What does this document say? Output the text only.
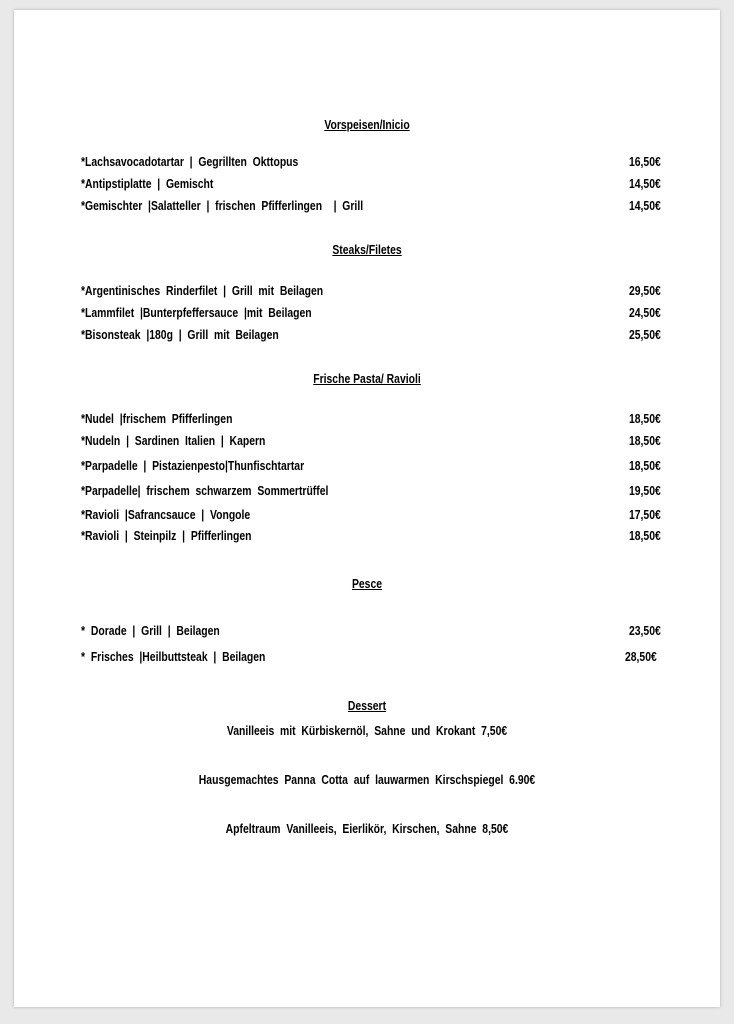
Vorspeisen/Inicio
*Lachsavocadotartar  |  Gegrillten  Okttopus	16,50€
*Antipstiplatte  |  Gemischt	14,50€
*Gemischter  |Salatteller  |  frischen  Pfifferlingen    |  Grill	14,50€
Steaks/Filetes
*Argentinisches  Rinderfilet  |  Grill  mit  Beilagen	29,50€
*Lammfilet  |Bunterpfeffersauce  |mit  Beilagen	24,50€
*Bisonsteak  |180g  |  Grill  mit  Beilagen	25,50€
Frische Pasta/ Ravioli
*Nudel  |frischem  Pfifferlingen	18,50€
*Nudeln  |  Sardinen  Italien  |  Kapern	18,50€
*Parpadelle  |  Pistazienpesto|Thunfischtartar	18,50€
*Parpadelle|  frischem  schwarzem  Sommertrüffel	19,50€
*Ravioli  |Safrancsauce  |  Vongole	17,50€
*Ravioli  |  Steinpilz  |  Pfifferlingen	18,50€
Pesce
*  Dorade  |  Grill  |  Beilagen	23,50€
*  Frisches  |Heilbuttsteak  |  Beilagen	28,50€
Dessert
Vanilleeis  mit  Kürbiskernöl,  Sahne  und  Krokant  7,50€
Hausgemachtes  Panna  Cotta  auf  lauwarmen  Kirschspiegel  6.90€
Apfeltraum  Vanilleeis,  Eierlikör,  Kirschen,  Sahne  8,50€
